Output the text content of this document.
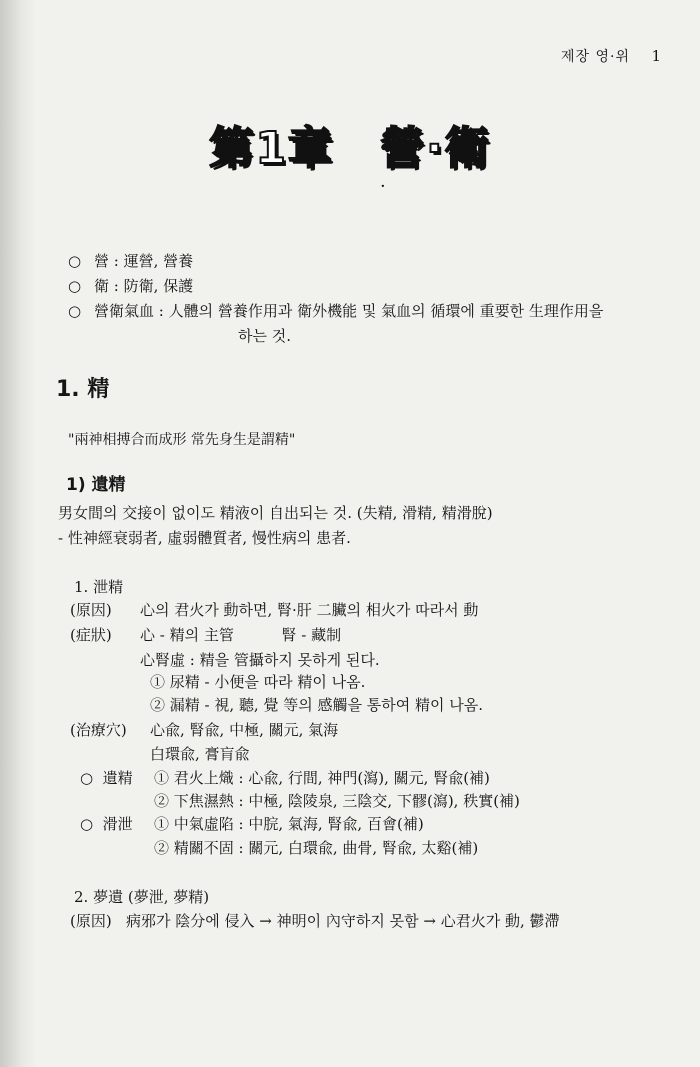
제장 영·위 1
第1章 營·衛
·
○ 營 : 運營, 營養
○ 衛 : 防衛, 保護
○ 營衛氣血 : 人體의 營養作用과 衛外機能 및 氣血의 循環에 重要한 生理作用을
하는 것.
1. 精
"兩神相搏合而成形 常先身生是謂精"
1) 遺精
男女間의 交接이 없이도 精液이 自出되는 것. (失精, 滑精, 精滑脫)
- 性神經衰弱者, 虛弱體質者, 慢性病의 患者.
1. 泄精
(原因) 心의 君火가 動하면, 腎·肝 二臟의 相火가 따라서 動
(症狀) 心 - 精의 主管          腎 - 藏制
心腎虛 : 精을 管攝하지 못하게 된다.
① 尿精 - 小便을 따라 精이 나옴.
② 漏精 - 視, 聽, 覺 等의 感觸을 통하여 精이 나옴.
(治療穴) 心兪, 腎兪, 中極, 關元, 氣海
白環兪, 膏肓兪
○  遺精 ① 君火上熾 : 心兪, 行間, 神門(瀉), 關元, 腎兪(補)
② 下焦濕熱 : 中極, 陰陵泉, 三陰交, 下髎(瀉), 秩實(補)
○  滑泄 ① 中氣虛陷 : 中脘, 氣海, 腎兪, 百會(補)
② 精關不固 : 關元, 白環兪, 曲骨, 腎兪, 太谿(補)
2. 夢遺 (夢泄, 夢精)
(原因) 病邪가 陰分에 侵入 → 神明이 內守하지 못함 → 心君火가 動, 鬱滯
